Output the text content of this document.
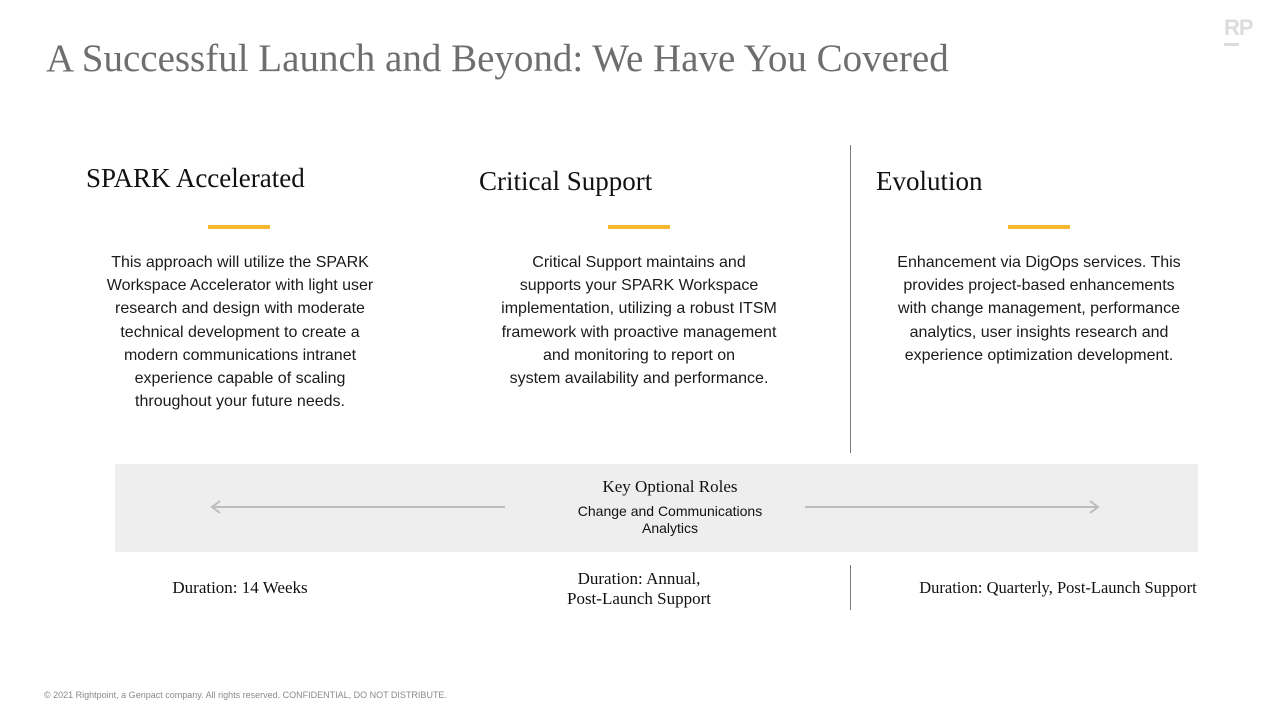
A Successful Launch and Beyond: We Have You Covered
RP
SPARK Accelerated

This approach will utilize the SPARK
Workspace Accelerator with light user
research and design with moderate
technical development to create a
modern communications intranet
experience capable of scaling
throughout your future needs.

Duration: 14 Weeks
Critical Support

Critical Support maintains and
supports your SPARK Workspace
implementation, utilizing a robust ITSM
framework with proactive management
and monitoring to report on
system availability and performance.

Duration: Annual,
Post-Launch Support
Evolution

Enhancement via DigOps services. This
provides project-based enhancements
with change management, performance
analytics, user insights research and
experience optimization development.

Duration: Quarterly, Post-Launch Support
Key Optional Roles
Change and Communications
Analytics
© 2021 Rightpoint, a Genpact company. All rights reserved. CONFIDENTIAL, DO NOT DISTRIBUTE.
